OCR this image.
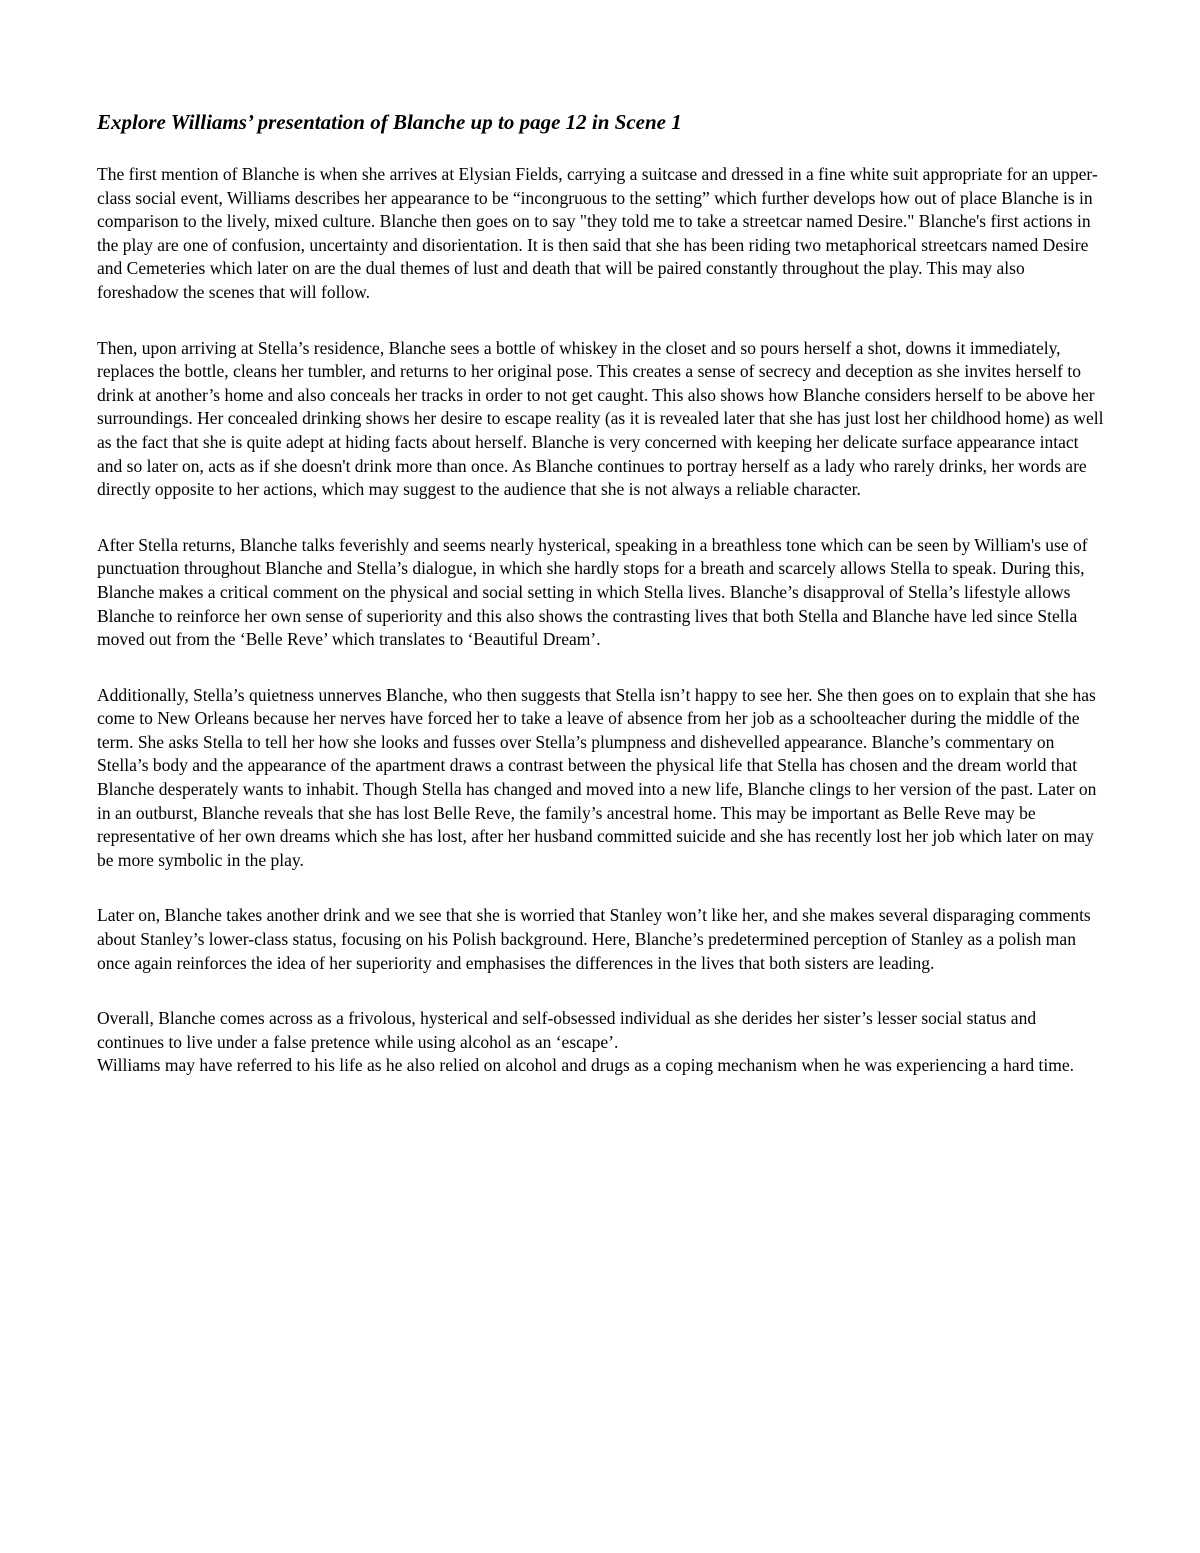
Explore Williams’ presentation of Blanche up to page 12 in Scene 1

The first mention of Blanche is when she arrives at Elysian Fields, carrying a suitcase and dressed in a fine white suit appropriate for an upper-class social event, Williams describes her appearance to be “incongruous to the setting” which further develops how out of place Blanche is in comparison to the lively, mixed culture. Blanche then goes on to say "they told me to take a streetcar named Desire." Blanche's first actions in the play are one of confusion, uncertainty and disorientation. It is then said that she has been riding two metaphorical streetcars named Desire and Cemeteries which later on are the dual themes of lust and death that will be paired constantly throughout the play. This may also foreshadow the scenes that will follow.

Then, upon arriving at Stella’s residence, Blanche sees a bottle of whiskey in the closet and so pours herself a shot, downs it immediately, replaces the bottle, cleans her tumbler, and returns to her original pose. This creates a sense of secrecy and deception as she invites herself to drink at another’s home and also conceals her tracks in order to not get caught. This also shows how Blanche considers herself to be above her surroundings. Her concealed drinking shows her desire to escape reality (as it is revealed later that she has just lost her childhood home) as well as the fact that she is quite adept at hiding facts about herself. Blanche is very concerned with keeping her delicate surface appearance intact and so later on, acts as if she doesn't drink more than once. As Blanche continues to portray herself as a lady who rarely drinks, her words are directly opposite to her actions, which may suggest to the audience that she is not always a reliable character.

After Stella returns, Blanche talks feverishly and seems nearly hysterical, speaking in a breathless tone which can be seen by William's use of punctuation throughout Blanche and Stella’s dialogue, in which she hardly stops for a breath and scarcely allows Stella to speak. During this, Blanche makes a critical comment on the physical and social setting in which Stella lives. Blanche’s disapproval of Stella’s lifestyle allows Blanche to reinforce her own sense of superiority and this also shows the contrasting lives that both Stella and Blanche have led since Stella moved out from the ‘Belle Reve’ which translates to ‘Beautiful Dream’.

Additionally, Stella’s quietness unnerves Blanche, who then suggests that Stella isn’t happy to see her. She then goes on to explain that she has come to New Orleans because her nerves have forced her to take a leave of absence from her job as a schoolteacher during the middle of the term. She asks Stella to tell her how she looks and fusses over Stella’s plumpness and dishevelled appearance. Blanche’s commentary on Stella’s body and the appearance of the apartment draws a contrast between the physical life that Stella has chosen and the dream world that Blanche desperately wants to inhabit. Though Stella has changed and moved into a new life, Blanche clings to her version of the past. Later on in an outburst, Blanche reveals that she has lost Belle Reve, the family’s ancestral home. This may be important as Belle Reve may be representative of her own dreams which she has lost, after her husband committed suicide and she has recently lost her job which later on may be more symbolic in the play.

Later on, Blanche takes another drink and we see that she is worried that Stanley won’t like her, and she makes several disparaging comments about Stanley’s lower-class status, focusing on his Polish background. Here, Blanche’s predetermined perception of Stanley as a polish man once again reinforces the idea of her superiority and emphasises the differences in the lives that both sisters are leading.

Overall, Blanche comes across as a frivolous, hysterical and self-obsessed individual as she derides her sister’s lesser social status and continues to live under a false pretence while using alcohol as an ‘escape’.
Williams may have referred to his life as he also relied on alcohol and drugs as a coping mechanism when he was experiencing a hard time.
